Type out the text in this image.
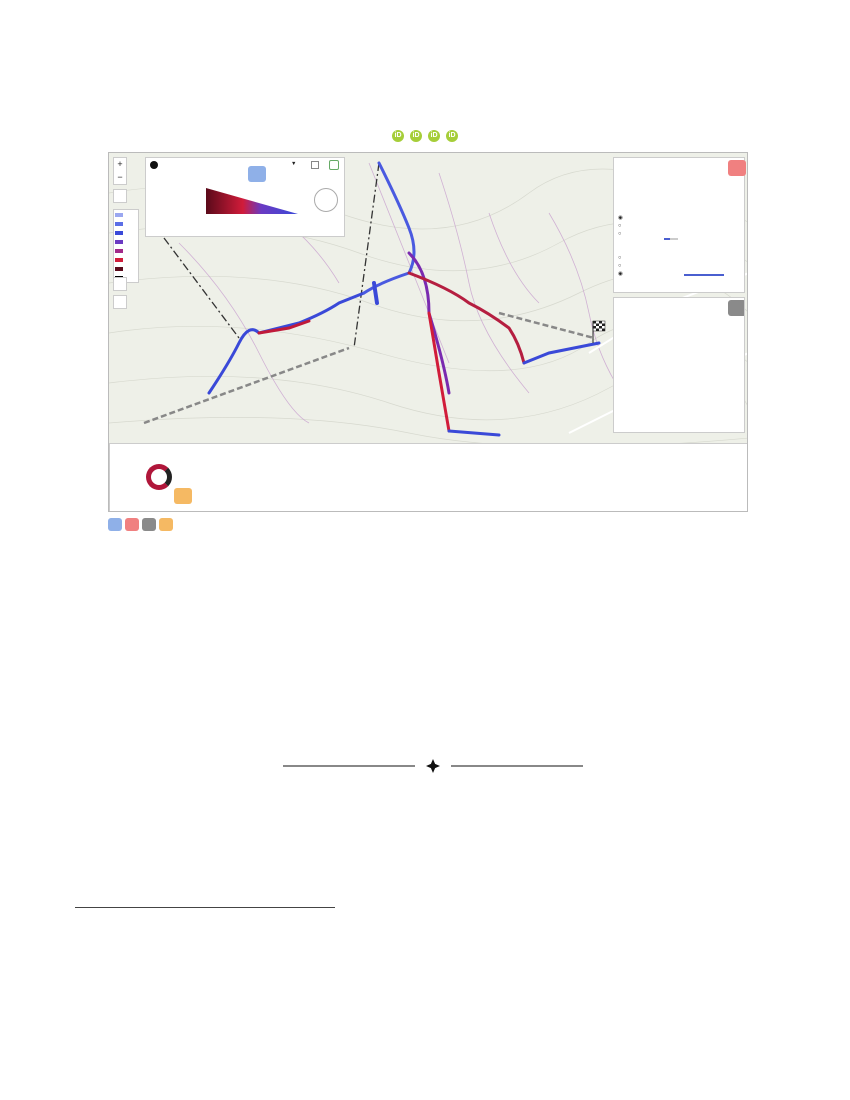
iD iD iD iD
+
−
▼
◉
○
○
○
○
◉
